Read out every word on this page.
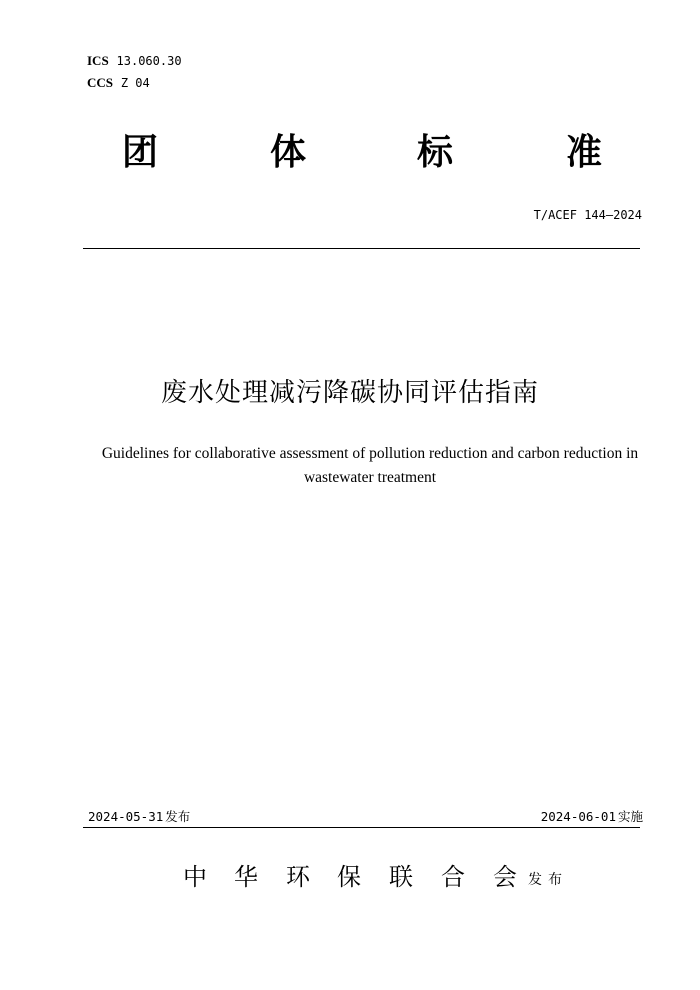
ICS 13.060.30
CCS Z 04
团	体	标	准
T/ACEF 144—2024
废水处理减污降碳协同评估指南
Guidelines for collaborative assessment of pollution reduction and carbon reduction in wastewater treatment
2024-05-31 发布	2024-06-01 实施
中 华 环 保 联 合 会 发布
